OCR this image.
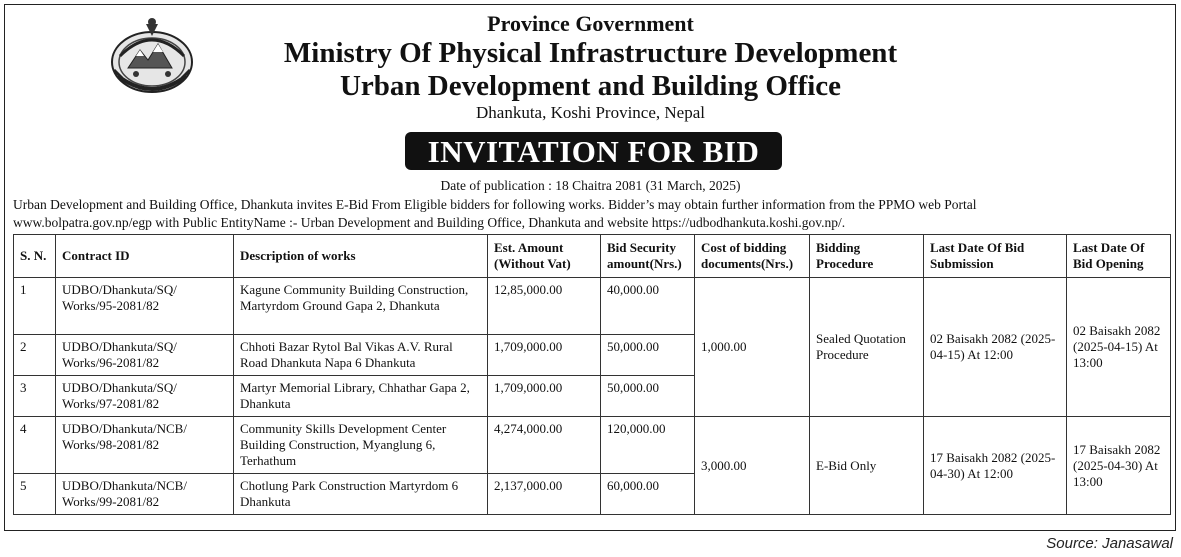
Province Government
Ministry Of Physical Infrastructure Development
Urban Development and Building Office
Dhankuta, Koshi Province, Nepal
INVITATION FOR BID
Date of publication : 18 Chaitra 2081 (31 March, 2025)
Urban Development and Building Office, Dhankuta invites E-Bid From Eligible bidders for following works. Bidder’s may obtain further information from the PPMO web Portal
www.bolpatra.gov.np/egp with Public EntityName :- Urban Development and Building Office, Dhankuta and website https://udbodhankuta.koshi.gov.np/.
S. N.	Contract ID	Description of works	Est. Amount (Without Vat)	Bid Security amount(Nrs.)	Cost of bidding documents(Nrs.)	Bidding Procedure	Last Date Of Bid Submission	Last Date Of Bid Opening
1	UDBO/Dhankuta/SQ/ Works/95-2081/82	Kagune Community Building Construction, Martyrdom Ground Gapa 2, Dhankuta	12,85,000.00	40,000.00	1,000.00	Sealed Quotation Procedure	02 Baisakh 2082 (2025-04-15) At 12:00	02 Baisakh 2082 (2025-04-15) At 13:00
2	UDBO/Dhankuta/SQ/ Works/96-2081/82	Chhoti Bazar Rytol Bal Vikas A.V. Rural Road Dhankuta Napa 6 Dhankuta	1,709,000.00	50,000.00				
3	UDBO/Dhankuta/SQ/ Works/97-2081/82	Martyr Memorial Library, Chhathar Gapa 2, Dhankuta	1,709,000.00	50,000.00				
4	UDBO/Dhankuta/NCB/ Works/98-2081/82	Community Skills Development Center Building Construction, Myanglung 6, Terhathum	4,274,000.00	120,000.00	3,000.00	E-Bid Only	17 Baisakh 2082 (2025-04-30) At 12:00	17 Baisakh 2082 (2025-04-30) At 13:00
5	UDBO/Dhankuta/NCB/ Works/99-2081/82	Chotlung Park Construction Martyrdom 6 Dhankuta	2,137,000.00	60,000.00				
Source: Janasawal
